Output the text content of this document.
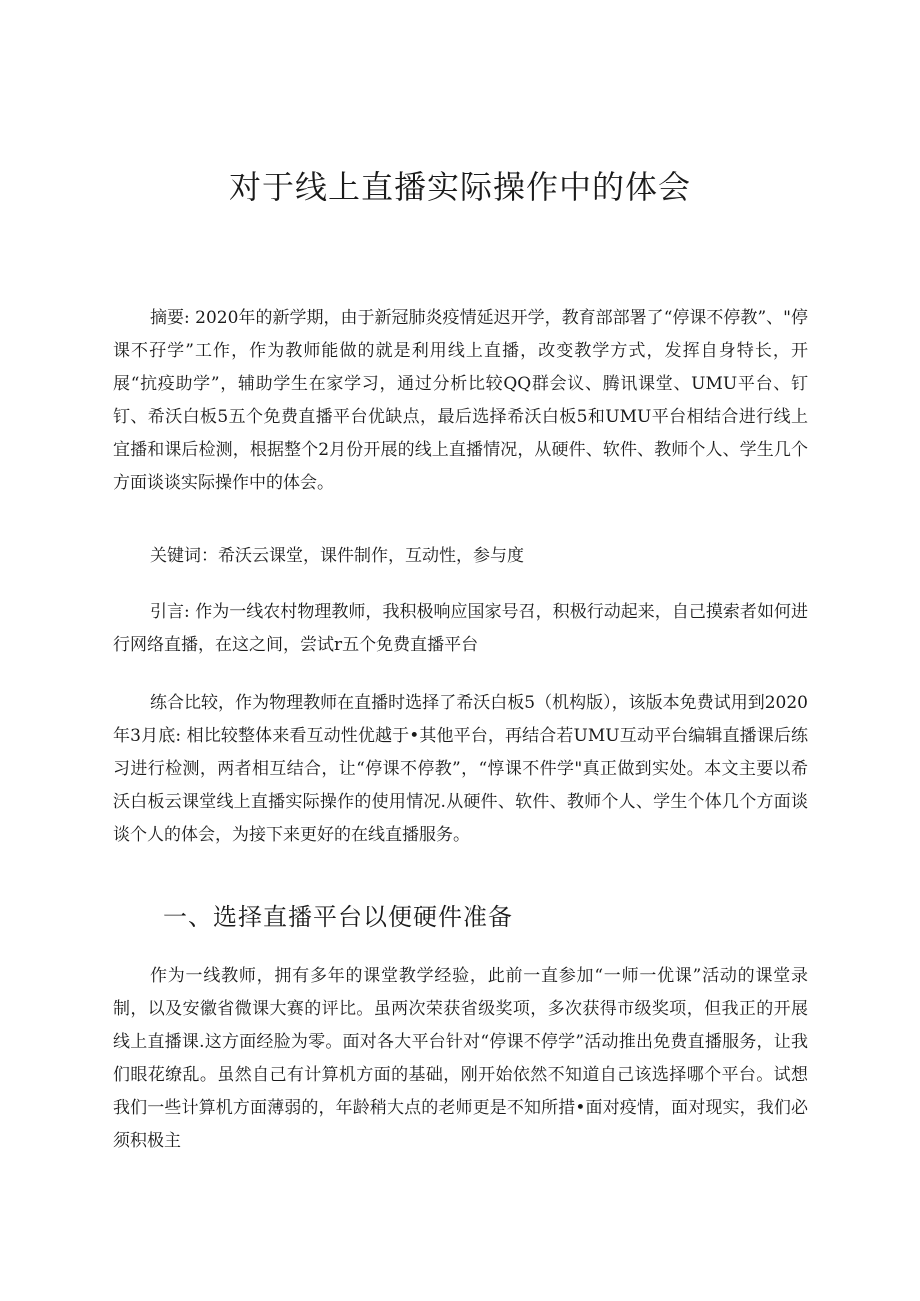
对于线上直播实际操作中的体会

摘要: 2020年的新学期，由于新冠肺炎疫情延迟开学，教育部部署了“停课不停教”、"停课不孖学”工作，作为教师能做的就是利用线上直播，改变教学方式，发挥自身特长，开展“抗疫助学”，辅助学生在家学习，通过分析比较QQ群会议、腾讯课堂、UMU平台、钉钉、希沃白板5五个免费直播平台优缺点，最后选择希沃白板5和UMU平台相结合进行线上宜播和课后检测，根据整个2月份开展的线上直播情况，从硬件、软件、教师个人、学生几个方面谈谈实际操作中的体会。

关键词：希沃云课堂，课件制作，互动性，参与度

引言: 作为一线农村物理教师，我积极响应国家号召，积极行动起来，自己摸索者如何进行网络直播，在这之间，尝试r五个免费直播平台

练合比较，作为物理教师在直播时选择了希沃白板5（机构版），该版本免费试用到2020年3月底: 相比较整体来看互动性优越于•其他平台，再结合若UMU互动平台编辑直播课后练习进行检测，两者相互结合，让“停课不停教”，“惇课不件学"真正做到实处。本文主要以希沃白板云课堂线上直播实际操作的使用情况.从硬件、软件、教师个人、学生个体几个方面谈谈个人的体会，为接下来更好的在线直播服务。

一、选择直播平台以便硬件准备

作为一线教师，拥有多年的课堂教学经验，此前一直参加“一师一优课”活动的课堂录制，以及安徽省微课大赛的评比。虽两次荣获省级奖项，多次获得市级奖项，但我正的开展线上直播课.这方面经脸为零。面对各大平台针对“停课不停学”活动推出免费直播服务，让我们眼花缭乱。虽然自己有计算机方面的基础，刚开始依然不知道自己该选择哪个平台。试想我们一些计算机方面薄弱的，年龄稍大点的老师更是不知所措•面对疫情，面对现实，我们必须积极主
